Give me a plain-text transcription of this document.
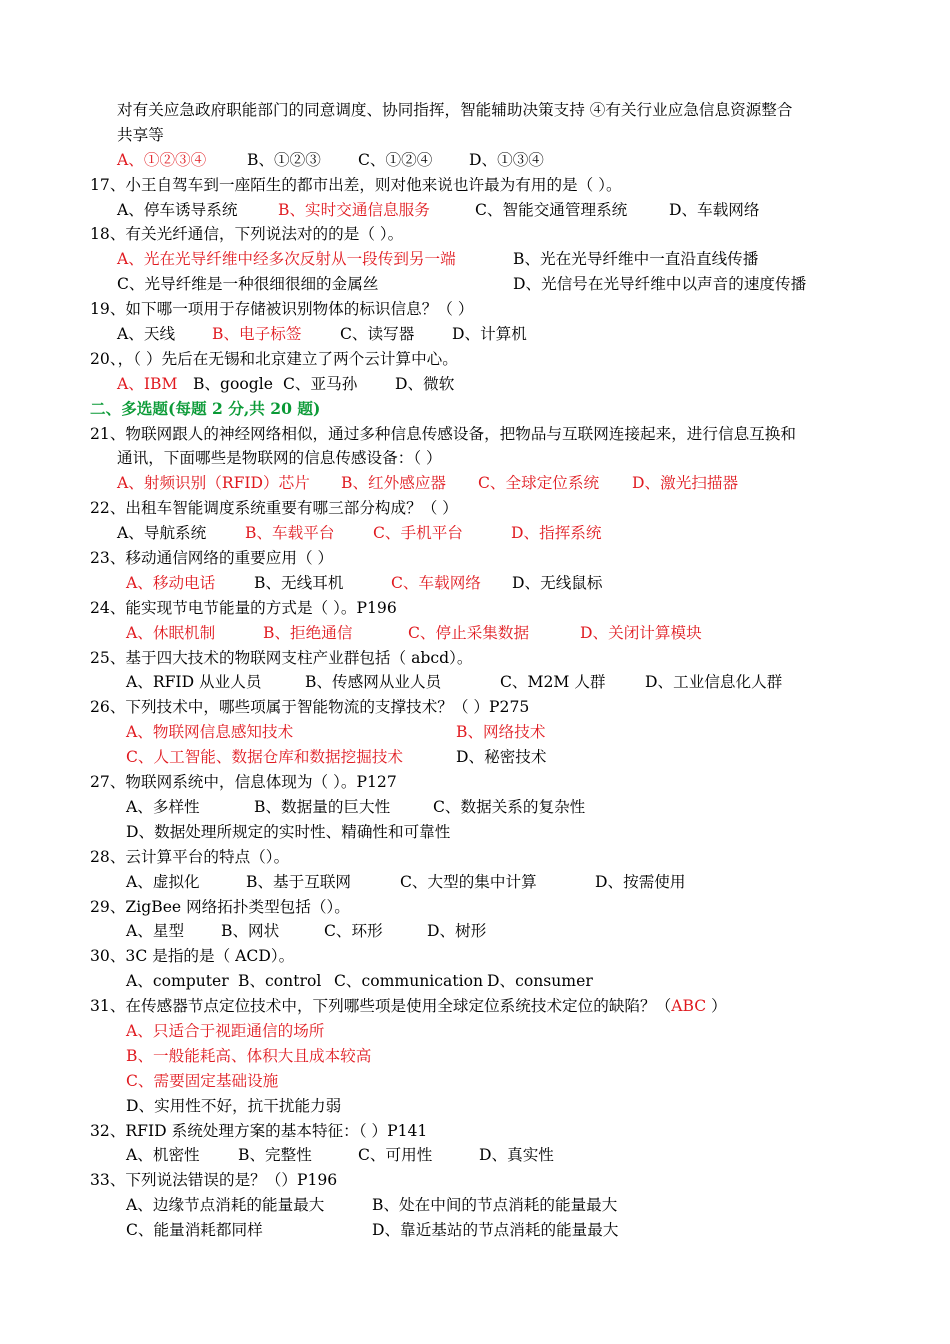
对有关应急政府职能部门的同意调度、协同指挥，智能辅助决策支持 ④有关行业应急信息资源整合
共享等
A、①②③④	B、①②③ C、①②④ D、①③④
17、小王自驾车到一座陌生的都市出差，则对他来说也许最为有用的是（ ）。
A、停车诱导系统	B、实时交通信息服务	C、智能交通管理系统	D、车载网络
18、有关光纤通信，下列说法对的的是（ ）。
A、光在光导纤维中经多次反射从一段传到另一端	B、光在光导纤维中一直沿直线传播
C、光导纤维是一种很细很细的金属丝	D、光信号在光导纤维中以声音的速度传播
19、如下哪一项用于存储被识别物体的标识信息？（ ）
A、天线 B、电子标签 C、读写器 D、计算机
20、，（ ）先后在无锡和北京建立了两个云计算中心。
A、IBM B、google C、亚马孙 D、微软
二、多选题(每题 2 分,共 20 题)
21、物联网跟人的神经网络相似，通过多种信息传感设备，把物品与互联网连接起来，进行信息互换和
通讯，下面哪些是物联网的信息传感设备：（ ）
A、射频识别（RFID）芯片 B、红外感应器 C、全球定位系统 D、激光扫描器
22、出租车智能调度系统重要有哪三部分构成？（ ）
A、导航系统 B、车载平台 C、手机平台	D、指挥系统
23、移动通信网络的重要应用（ ）
A、移动电话 B、无线耳机	C、车载网络 D、无线鼠标
24、能实现节电节能量的方式是（ ）。P196
A、休眠机制	B、拒绝通信	C、停止采集数据	D、关闭计算模块
25、基于四大技术的物联网支柱产业群包括（ abcd）。
A、RFID 从业人员	B、传感网从业人员	C、M2M 人群	D、工业信息化人群
26、下列技术中，哪些项属于智能物流的支撑技术？（ ）P275
A、物联网信息感知技术	B、网络技术
C、人工智能、数据仓库和数据挖掘技术	D、秘密技术
27、物联网系统中，信息体现为（ ）。P127
A、多样性	B、数据量的巨大性	C、数据关系的复杂性
D、数据处理所规定的实时性、精确性和可靠性
28、云计算平台的特点（）。
A、虚拟化	B、基于互联网	C、大型的集中计算	D、按需使用
29、ZigBee 网络拓扑类型包括（）。
A、星型 B、网状	C、环形	D、树形
30、3C 是指的是（ ACD）。
A、computer B、control C、communication D、consumer
31、在传感器节点定位技术中，下列哪些项是使用全球定位系统技术定位的缺陷？（ABC ）
A、只适合于视距通信的场所
B、一般能耗高、体积大且成本较高
C、需要固定基础设施
D、实用性不好，抗干扰能力弱
32、RFID 系统处理方案的基本特征：（ ）P141
A、机密性 B、完整性	C、可用性	D、真实性
33、下列说法错误的是？（）P196
A、边缘节点消耗的能量最大	B、处在中间的节点消耗的能量最大
C、能量消耗都同样	D、靠近基站的节点消耗的能量最大
